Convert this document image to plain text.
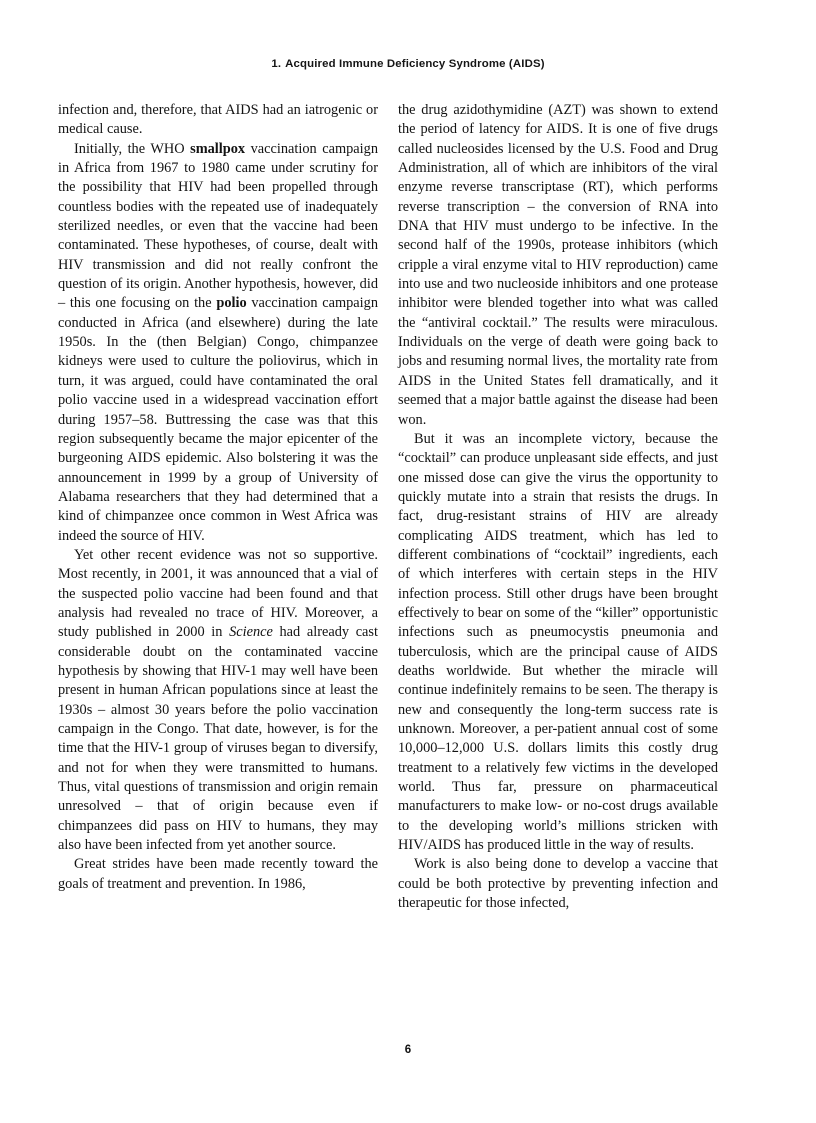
1. Acquired Immune Deficiency Syndrome (AIDS)

infection and, therefore, that AIDS had an iatrogenic or medical cause.

Initially, the WHO smallpox vaccination campaign in Africa from 1967 to 1980 came under scrutiny for the possibility that HIV had been propelled through countless bodies with the repeated use of inadequately sterilized needles, or even that the vaccine had been contaminated. These hypotheses, of course, dealt with HIV transmission and did not really confront the question of its origin. Another hypothesis, however, did – this one focusing on the polio vaccination campaign conducted in Africa (and elsewhere) during the late 1950s. In the (then Belgian) Congo, chimpanzee kidneys were used to culture the poliovirus, which in turn, it was argued, could have contaminated the oral polio vaccine used in a widespread vaccination effort during 1957–58. Buttressing the case was that this region subsequently became the major epicenter of the burgeoning AIDS epidemic. Also bolstering it was the announcement in 1999 by a group of University of Alabama researchers that they had determined that a kind of chimpanzee once common in West Africa was indeed the source of HIV.

Yet other recent evidence was not so supportive. Most recently, in 2001, it was announced that a vial of the suspected polio vaccine had been found and that analysis had revealed no trace of HIV. Moreover, a study published in 2000 in Science had already cast considerable doubt on the contaminated vaccine hypothesis by showing that HIV-1 may well have been present in human African populations since at least the 1930s – almost 30 years before the polio vaccination campaign in the Congo. That date, however, is for the time that the HIV-1 group of viruses began to diversify, and not for when they were transmitted to humans. Thus, vital questions of transmission and origin remain unresolved – that of origin because even if chimpanzees did pass on HIV to humans, they may also have been infected from yet another source.

Great strides have been made recently toward the goals of treatment and prevention. In 1986,

the drug azidothymidine (AZT) was shown to extend the period of latency for AIDS. It is one of five drugs called nucleosides licensed by the U.S. Food and Drug Administration, all of which are inhibitors of the viral enzyme reverse transcriptase (RT), which performs reverse transcription – the conversion of RNA into DNA that HIV must undergo to be infective. In the second half of the 1990s, protease inhibitors (which cripple a viral enzyme vital to HIV reproduction) came into use and two nucleoside inhibitors and one protease inhibitor were blended together into what was called the “antiviral cocktail.” The results were miraculous. Individuals on the verge of death were going back to jobs and resuming normal lives, the mortality rate from AIDS in the United States fell dramatically, and it seemed that a major battle against the disease had been won.

But it was an incomplete victory, because the “cocktail” can produce unpleasant side effects, and just one missed dose can give the virus the opportunity to quickly mutate into a strain that resists the drugs. In fact, drug-resistant strains of HIV are already complicating AIDS treatment, which has led to different combinations of “cocktail” ingredients, each of which interferes with certain steps in the HIV infection process. Still other drugs have been brought effectively to bear on some of the “killer” opportunistic infections such as pneumocystis pneumonia and tuberculosis, which are the principal cause of AIDS deaths worldwide. But whether the miracle will continue indefinitely remains to be seen. The therapy is new and consequently the long-term success rate is unknown. Moreover, a per-patient annual cost of some 10,000–12,000 U.S. dollars limits this costly drug treatment to a relatively few victims in the developed world. Thus far, pressure on pharmaceutical manufacturers to make low- or no-cost drugs available to the developing world’s millions stricken with HIV/AIDS has produced little in the way of results.

Work is also being done to develop a vaccine that could be both protective by preventing infection and therapeutic for those infected,

6
